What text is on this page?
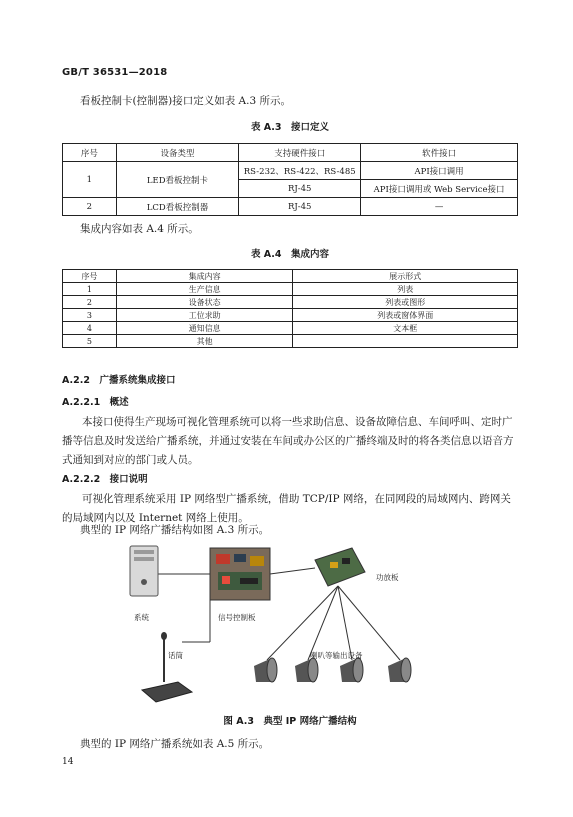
GB/T 36531—2018
看板控制卡(控制器)接口定义如表 A.3 所示。
表 A.3　接口定义
序号	设备类型	支持硬件接口	软件接口
1	LED看板控制卡	RS-232、RS-422、RS-485	API接口调用
		RJ-45	API接口调用或 Web Service接口
2	LCD看板控制器	RJ-45	—
集成内容如表 A.4 所示。
表 A.4　集成内容
序号	集成内容	展示形式
1	生产信息	列表
2	设备状态	列表或图形
3	工位求助	列表或窗体界面
4	通知信息	文本框
5	其他	
A.2.2　广播系统集成接口
A.2.2.1　概述
本接口使得生产现场可视化管理系统可以将一些求助信息、设备故障信息、车间呼叫、定时广播等信息及时发送给广播系统，并通过安装在车间或办公区的广播终端及时的将各类信息以语音方式通知到对应的部门或人员。
A.2.2.2　接口说明
可视化管理系统采用 IP 网络型广播系统，借助 TCP/IP 网络，在同网段的局域网内、跨网关的局域网内以及 Internet 网络上使用。
典型的 IP 网络广播结构如图 A.3 所示。
系统	信号控制板
功放板
话筒	喇叭等输出设备
图 A.3　典型 IP 网络广播结构
典型的 IP 网络广播系统如表 A.5 所示。
14
